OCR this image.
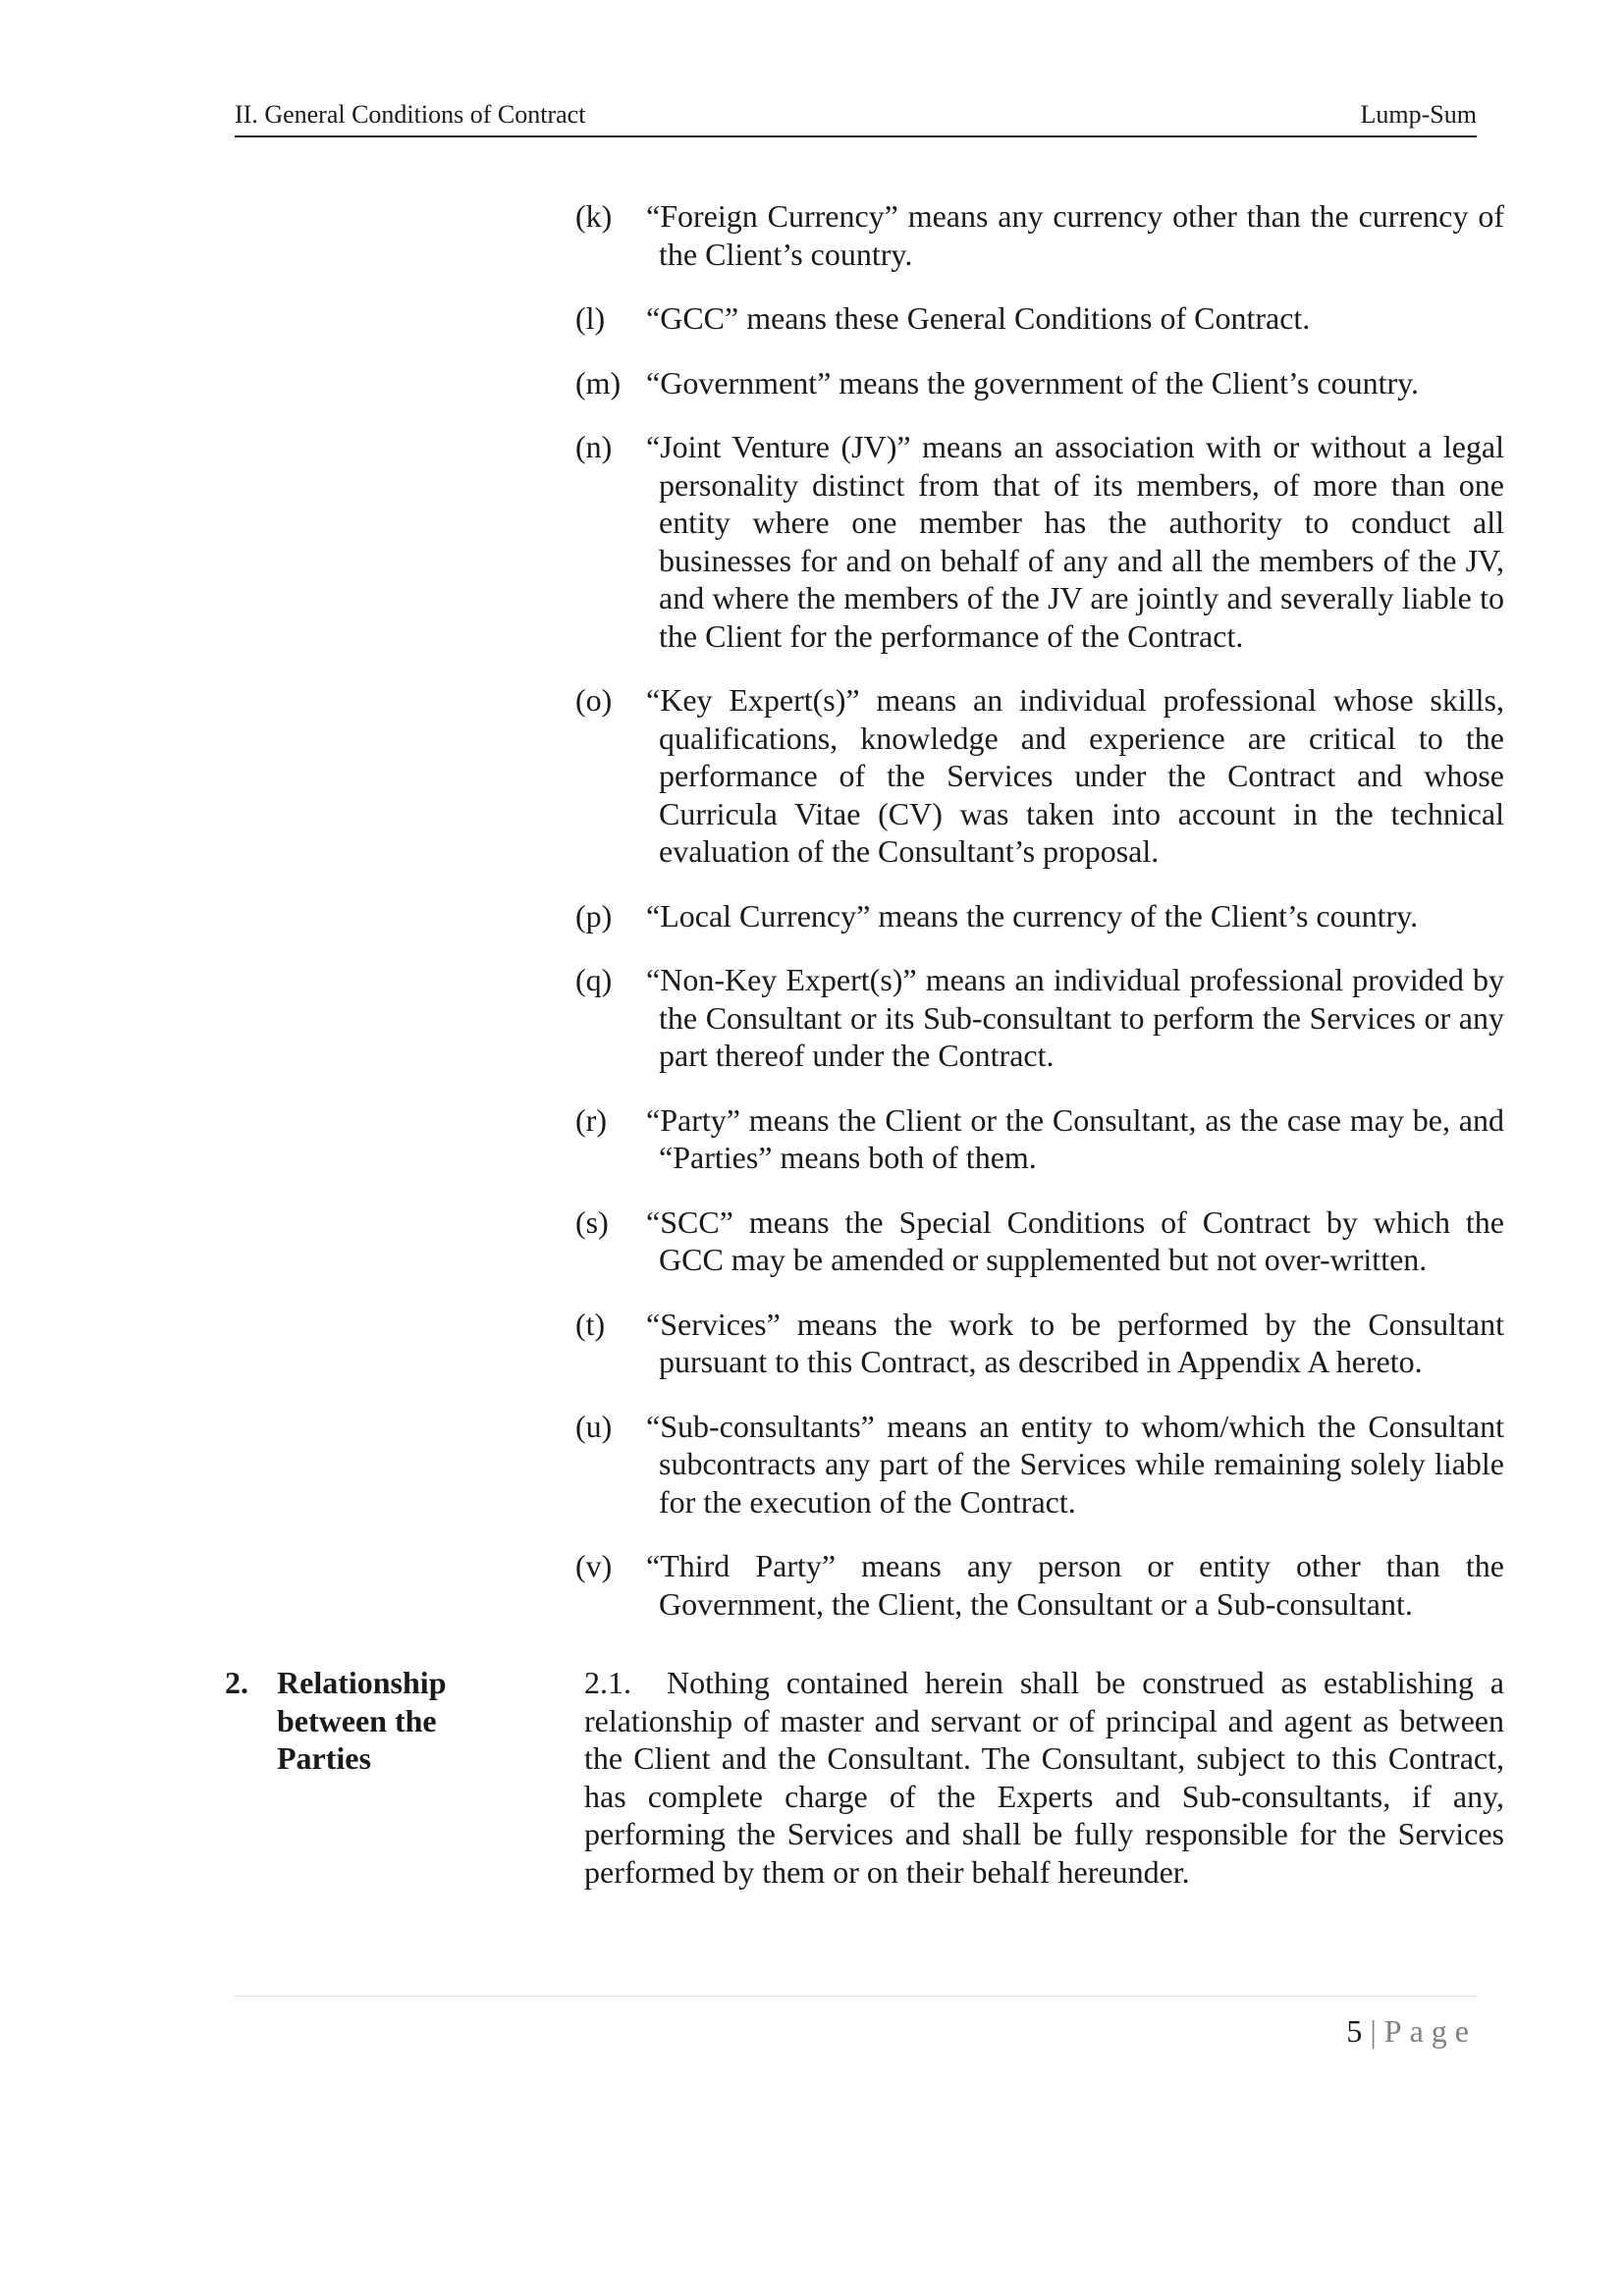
II. General Conditions of Contract	Lump-Sum
(k)	“Foreign Currency” means any currency other than the currency of the Client’s country.
(l)	“GCC” means these General Conditions of Contract.
(m) “Government” means the government of the Client’s country.
(n)	“Joint Venture (JV)” means an association with or without a legal personality distinct from that of its members, of more than one entity where one member has the authority to conduct all businesses for and on behalf of any and all the members of the JV, and where the members of the JV are jointly and severally liable to the Client for the performance of the Contract.
(o)	“Key Expert(s)” means an individual professional whose skills, qualifications, knowledge and experience are critical to the performance of the Services under the Contract and whose Curricula Vitae (CV) was taken into account in the technical evaluation of the Consultant’s proposal.
(p)	“Local Currency” means the currency of the Client’s country.
(q)	“Non-Key Expert(s)” means an individual professional provided by the Consultant or its Sub-consultant to perform the Services or any part thereof under the Contract.
(r)	“Party” means the Client or the Consultant, as the case may be, and “Parties” means both of them.
(s)	“SCC” means the Special Conditions of Contract by which the GCC may be amended or supplemented but not over-written.
(t)	“Services” means the work to be performed by the Consultant pursuant to this Contract, as described in Appendix A hereto.
(u)	“Sub-consultants” means an entity to whom/which the Consultant subcontracts any part of the Services while remaining solely liable for the execution of the Contract.
(v)	“Third Party” means any person or entity other than the Government, the Client, the Consultant or a Sub-consultant.
2. Relationship between the Parties
2.1. Nothing contained herein shall be construed as establishing a relationship of master and servant or of principal and agent as between the Client and the Consultant. The Consultant, subject to this Contract, has complete charge of the Experts and Sub-consultants, if any, performing the Services and shall be fully responsible for the Services performed by them or on their behalf hereunder.
5 | Page
